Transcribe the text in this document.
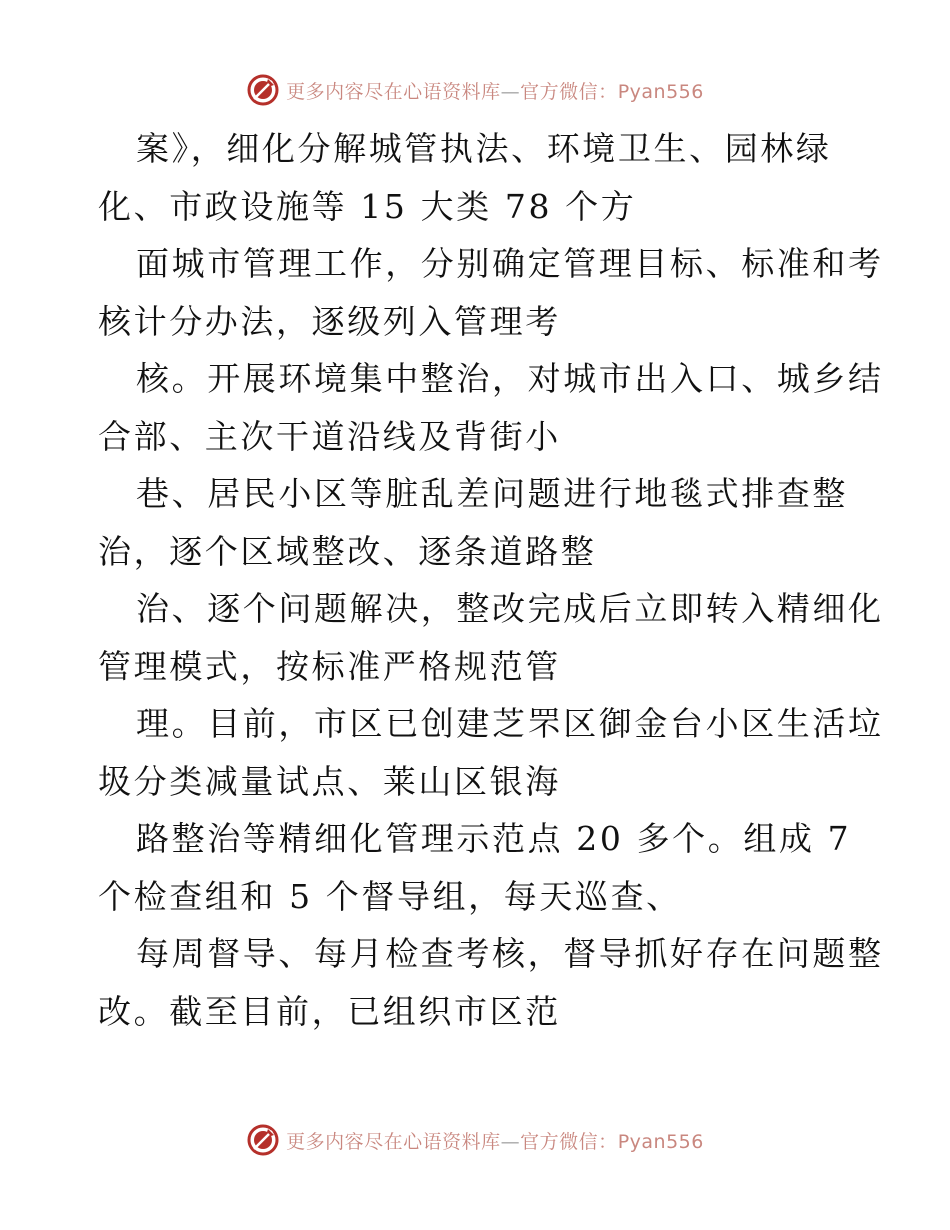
更多内容尽在心语资料库—官方微信：Pyan556
案》，细化分解城管执法、环境卫生、园林绿
化、市政设施等 15 大类 78 个方
面城市管理工作，分别确定管理目标、标准和考
核计分办法，逐级列入管理考
核。开展环境集中整治，对城市出入口、城乡结
合部、主次干道沿线及背街小
巷、居民小区等脏乱差问题进行地毯式排查整
治，逐个区域整改、逐条道路整
治、逐个问题解决，整改完成后立即转入精细化
管理模式，按标准严格规范管
理。目前，市区已创建芝罘区御金台小区生活垃
圾分类减量试点、莱山区银海
路整治等精细化管理示范点 20 多个。组成 7
个检查组和 5 个督导组，每天巡查、
每周督导、每月检查考核，督导抓好存在问题整
改。截至目前，已组织市区范
更多内容尽在心语资料库—官方微信：Pyan556
